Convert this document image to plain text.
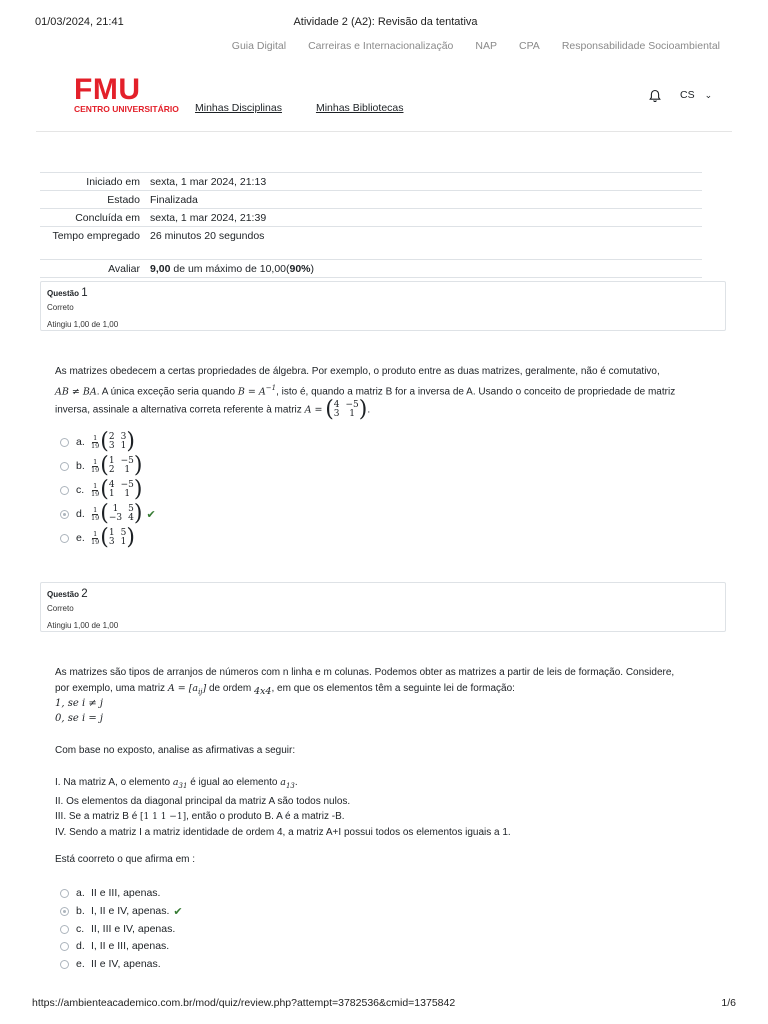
01/03/2024, 21:41	Atividade 2 (A2): Revisão da tentativa
Guia Digital Carreiras e Internacionalização NAP CPA Responsabilidade Socioambiental
FMU
CENTRO UNIVERSITÁRIO Minhas Disciplinas	Minhas Bibliotecas
CS ⌄
Iniciado em sexta, 1 mar 2024, 21:13
Estado Finalizada
Concluída em sexta, 1 mar 2024, 21:39
Tempo empregado 26 minutos 20 segundos
Avaliar 9,00 de um máximo de 10,00(90%)
Questão 1
Correto
Atingiu 1,00 de 1,00
As matrizes obedecem a certas propriedades de álgebra. Por exemplo, o produto entre as duas matrizes, geralmente, não é comutativo,
AB ≠ BA. A única exceção seria quando $B = A^{-1}$, isto é, quando a matriz B for a inversa de A. Usando o conceito de propriedade de matriz
inversa, assinale a alternativa correta referente à matriz A = ( 4 −5
3	1 ) .
a. $\frac{1}{19}$ ( 2 3
3 1 )
b. $\frac{1}{19}$ ( 1 −5
2	1 )
c.	$\frac{1}{19}$ ( 4 −5
1	1 )
d. $\frac{1}{19}$ ( 1	5
−3 4 ) ✔
e. $\frac{1}{19}$ ( 1 5
3 1 )
Questão 2
Correto
Atingiu 1,00 de 1,00
As matrizes são tipos de arranjos de números com n linha e m colunas. Podemos obter as matrizes a partir de leis de formação. Considere,
por exemplo, uma matriz $A = [a_{ij}]$ de ordem $_{4x4}$, em que os elementos têm a seguinte lei de formação:
1, se i ≠ j
0, se i = j
Com base no exposto, analise as afirmativas a seguir:
I. Na matriz A, o elemento $a_{31}$ é igual ao elemento $a_{13}$.
II. Os elementos da diagonal principal da matriz A são todos nulos.
III. Se a matriz B é [1 1 1 −1], então o produto B. A é a matriz -B.
IV. Sendo a matriz I a matriz identidade de ordem 4, a matriz A+I possui todos os elementos iguais a 1.
Está coorreto o que afirma em :
a. II e III, apenas.
b. I, II e IV, apenas. ✔
c. II, III e IV, apenas.
d. I, II e III, apenas.
e. II e IV, apenas.
https://ambienteacademico.com.br/mod/quiz/review.php?attempt=3782536&cmid=1375842	1/6
